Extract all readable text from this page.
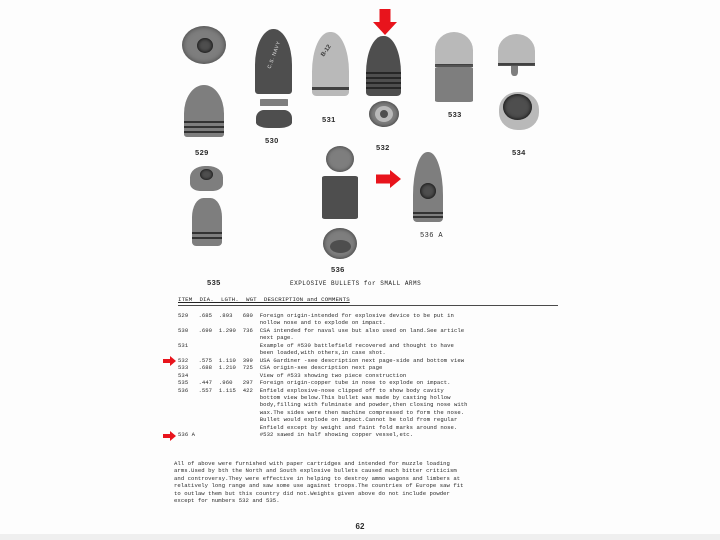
529
C.S. NAVY
530
B-12
531
532
533
534
535
536
536 A

EXPLOSIVE BULLETS for SMALL ARMS

ITEM  DIA.  LGTH.  WGT  DESCRIPTION and COMMENTS

529   .685  .893   680  Foreign origin-intended for explosive device to be put in
nollow nose and to explode on impact.
530   .690  1.290  736  CSA intended for naval use but also used on land.See article
next page.
531                     Example of #530 battlefield recovered and thought to have
been loaded,with others,in case shot.
532   .575  1.110  399  USA Gardiner -see description next page-side and bottom view
533   .688  1.210  725  CSA origin-see description next page
534                     View of #533 showing two piece construction
535   .447  .960   297  Foreign origin-copper tube in nose to explode on impact.
536   .557  1.115  422  Enfield explosive-nose clipped off to show body cavity
bottom view below.This bullet was made by casting hollow
body,filling with fulminate and powder,then closing nose with
wax.The sides were then machine compressed to form the nose.
Bullet would explode on impact.Cannot be told from regular
Enfield except by weight and faint fold marks around nose.
536 A                   #532 sawed in half showing copper vessel,etc.

All of above were furnished with paper cartridges and intended for muzzle loading
arms.Used by bth the North and South explosive bullets caused much bitter criticism
and controversy.They were effective in helping to destroy ammo wagons and limbers at
relatively long range and saw some use against troops.The countries of Europe saw fit
to outlaw them but this country did not.Weights given above do not include powder
except for numbers 532 and 535.

62
